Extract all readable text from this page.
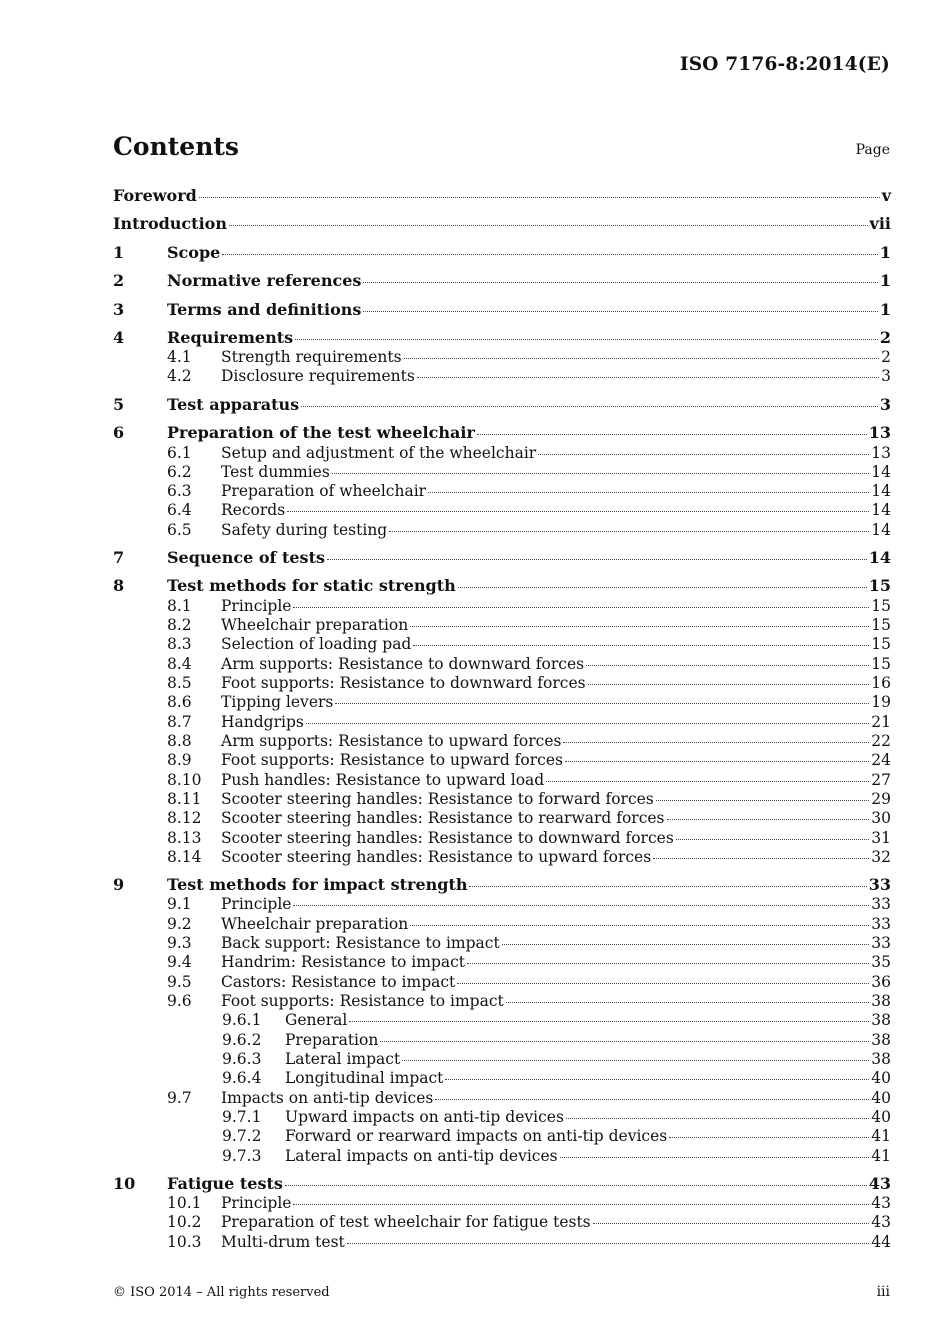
ISO 7176-8:2014(E)
Contents	Page
Foreword	v
Introduction	vii
1	Scope	1
2	Normative references	1
3	Terms and definitions	1
4	Requirements	2
4.1	Strength requirements	2
4.2	Disclosure requirements	3
5	Test apparatus	3
6	Preparation of the test wheelchair	13
6.1	Setup and adjustment of the wheelchair	13
6.2	Test dummies	14
6.3	Preparation of wheelchair	14
6.4	Records	14
6.5	Safety during testing	14
7	Sequence of tests	14
8	Test methods for static strength	15
8.1	Principle	15
8.2	Wheelchair preparation	15
8.3	Selection of loading pad	15
8.4	Arm supports: Resistance to downward forces	15
8.5	Foot supports: Resistance to downward forces	16
8.6	Tipping levers	19
8.7	Handgrips	21
8.8	Arm supports: Resistance to upward forces	22
8.9	Foot supports: Resistance to upward forces	24
8.10	Push handles: Resistance to upward load	27
8.11	Scooter steering handles: Resistance to forward forces	29
8.12	Scooter steering handles: Resistance to rearward forces	30
8.13	Scooter steering handles: Resistance to downward forces	31
8.14	Scooter steering handles: Resistance to upward forces	32
9	Test methods for impact strength	33
9.1	Principle	33
9.2	Wheelchair preparation	33
9.3	Back support: Resistance to impact	33
9.4	Handrim: Resistance to impact	35
9.5	Castors: Resistance to impact	36
9.6	Foot supports: Resistance to impact	38
9.6.1	General	38
9.6.2	Preparation	38
9.6.3	Lateral impact	38
9.6.4	Longitudinal impact	40
9.7	Impacts on anti-tip devices	40
9.7.1	Upward impacts on anti-tip devices	40
9.7.2	Forward or rearward impacts on anti-tip devices	41
9.7.3	Lateral impacts on anti-tip devices	41
10	Fatigue tests	43
10.1	Principle	43
10.2	Preparation of test wheelchair for fatigue tests	43
10.3	Multi-drum test	44
© ISO 2014 – All rights reserved	iii
